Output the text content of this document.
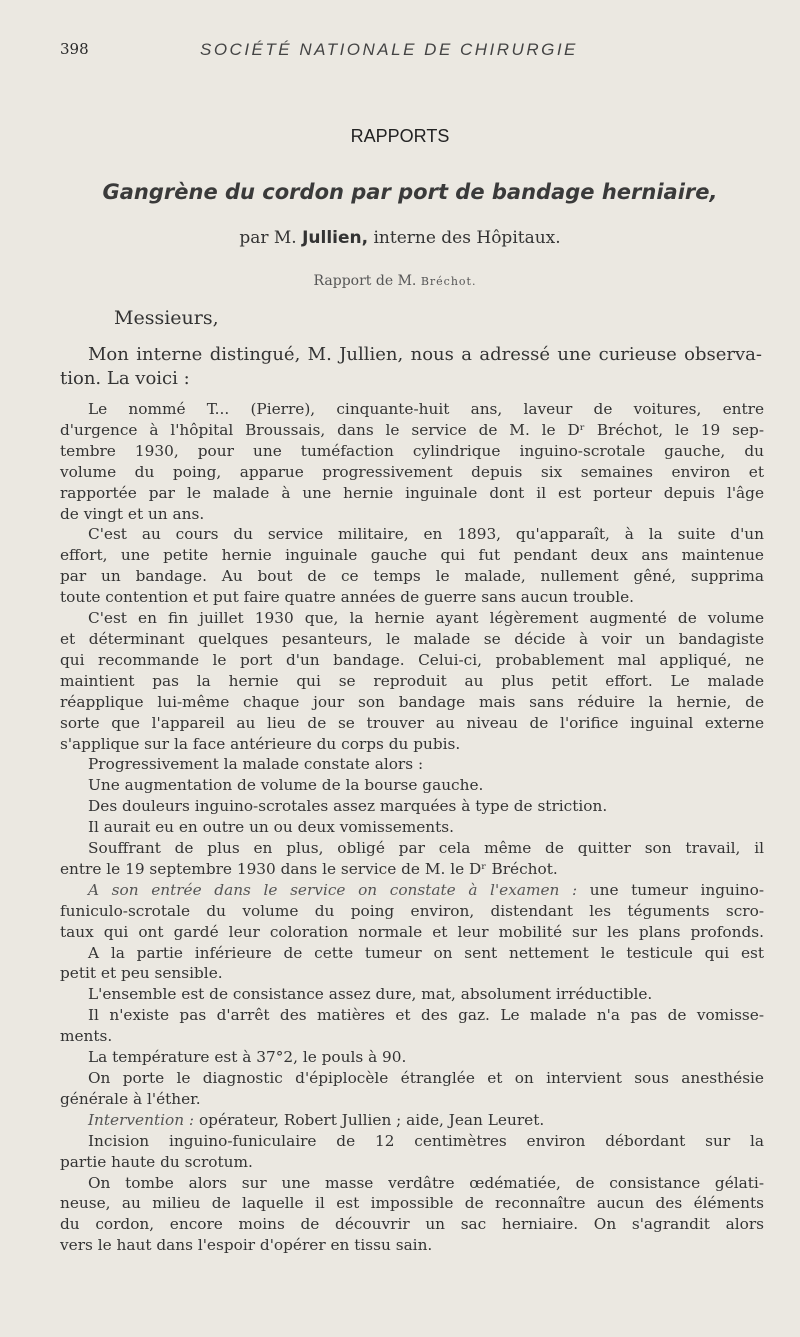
398	SOCIÉTÉ NATIONALE DE CHIRURGIE
RAPPORTS
Gangrène du cordon par port de bandage herniaire,
par M. Jullien, interne des Hôpitaux.
Rapport de M. Bréchot.
Messieurs,
Mon interne distingué, M. Jullien, nous a adressé une curieuse observa-
tion. La voici :
Le nommé T... (Pierre), cinquante-huit ans, laveur de voitures, entre
d'urgence à l'hôpital Broussais, dans le service de M. le Dʳ Bréchot, le 19 sep-
tembre 1930, pour une tuméfaction cylindrique inguino-scrotale gauche, du
volume du poing, apparue progressivement depuis six semaines environ et
rapportée par le malade à une hernie inguinale dont il est porteur depuis l'âge
de vingt et un ans.
C'est au cours du service militaire, en 1893, qu'apparaît, à la suite d'un
effort, une petite hernie inguinale gauche qui fut pendant deux ans maintenue
par un bandage. Au bout de ce temps le malade, nullement gêné, supprima
toute contention et put faire quatre années de guerre sans aucun trouble.
C'est en fin juillet 1930 que, la hernie ayant légèrement augmenté de volume
et déterminant quelques pesanteurs, le malade se décide à voir un bandagiste
qui recommande le port d'un bandage. Celui-ci, probablement mal appliqué, ne
maintient pas la hernie qui se reproduit au plus petit effort. Le malade
réapplique lui-même chaque jour son bandage mais sans réduire la hernie, de
sorte que l'appareil au lieu de se trouver au niveau de l'orifice inguinal externe
s'applique sur la face antérieure du corps du pubis.
Progressivement la malade constate alors :
Une augmentation de volume de la bourse gauche.
Des douleurs inguino-scrotales assez marquées à type de striction.
Il aurait eu en outre un ou deux vomissements.
Souffrant de plus en plus, obligé par cela même de quitter son travail, il
entre le 19 septembre 1930 dans le service de M. le Dʳ Bréchot.
A son entrée dans le service on constate à l'examen : une tumeur inguino-
funiculo-scrotale du volume du poing environ, distendant les téguments scro-
taux qui ont gardé leur coloration normale et leur mobilité sur les plans profonds.
A la partie inférieure de cette tumeur on sent nettement le testicule qui est
petit et peu sensible.
L'ensemble est de consistance assez dure, mat, absolument irréductible.
Il n'existe pas d'arrêt des matières et des gaz. Le malade n'a pas de vomisse-
ments.
La température est à 37°2, le pouls à 90.
On porte le diagnostic d'épiplocèle étranglée et on intervient sous anesthésie
générale à l'éther.
Intervention : opérateur, Robert Jullien ; aide, Jean Leuret.
Incision inguino-funiculaire de 12 centimètres environ débordant sur la
partie haute du scrotum.
On tombe alors sur une masse verdâtre œdématiée, de consistance gélati-
neuse, au milieu de laquelle il est impossible de reconnaître aucun des éléments
du cordon, encore moins de découvrir un sac herniaire. On s'agrandit alors
vers le haut dans l'espoir d'opérer en tissu sain.
